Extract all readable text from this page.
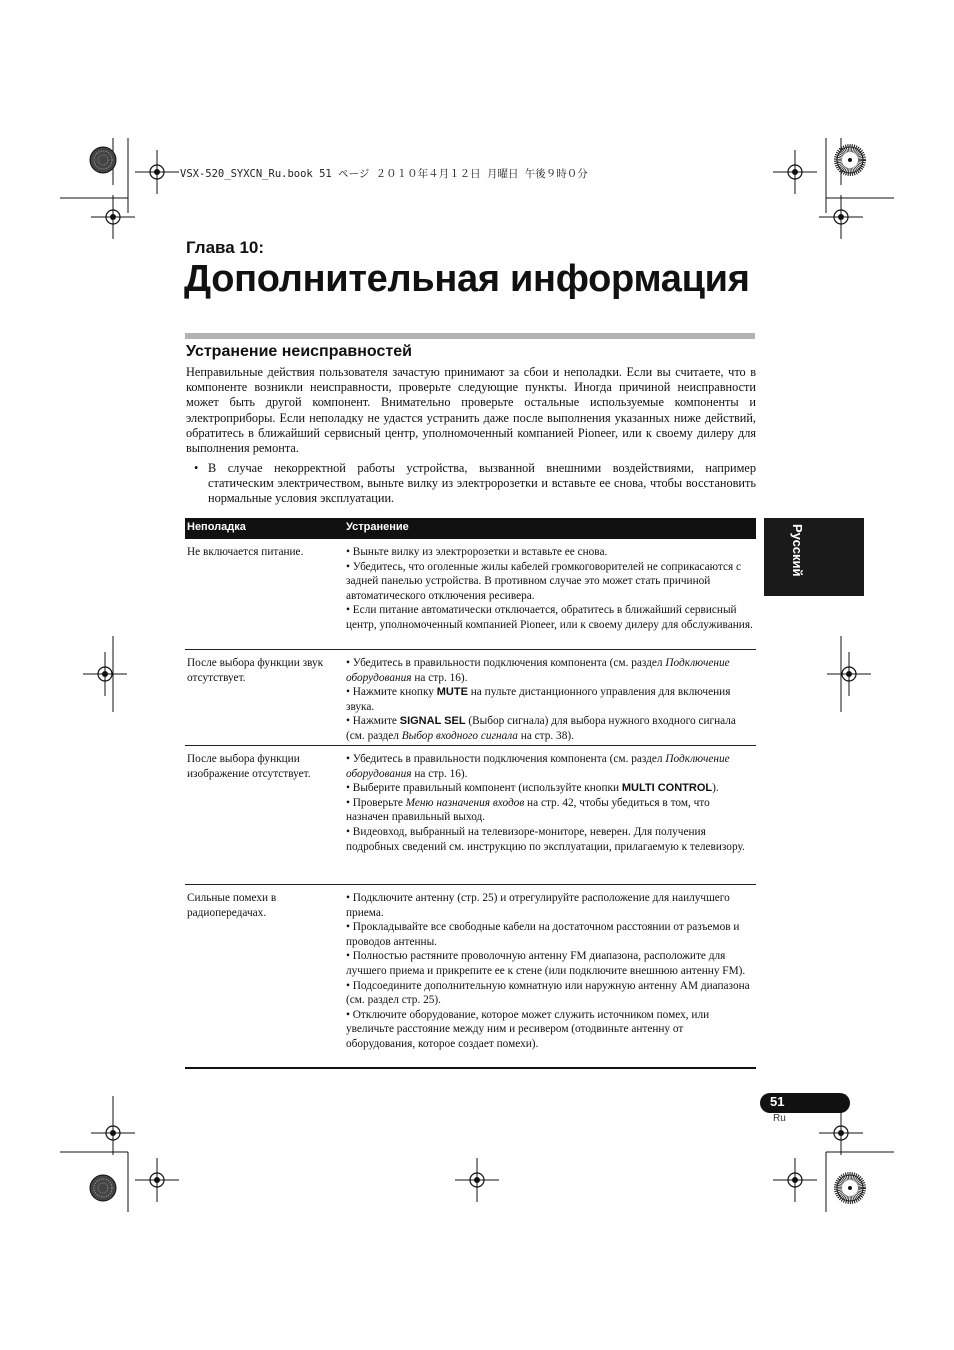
VSX-520_SYXCN_Ru.book 51 ページ ２０１０年４月１２日 月曜日 午後９時０分
Глава 10:
Дополнительная информация
Устранение неисправностей
Неправильные действия пользователя зачастую принимают за сбои и неполадки. Если вы считаете, что в компоненте возникли неисправности, проверьте следующие пункты. Иногда причиной неисправности может быть другой компонент. Внимательно проверьте остальные используемые компоненты и электроприборы. Если неполадку не удастся устранить даже после выполнения указанных ниже действий, обратитесь в ближайший сервисный центр, уполномоченный компанией Pioneer, или к своему дилеру для выполнения ремонта.
• В случае некорректной работы устройства, вызванной внешними воздействиями, например статическим электричеством, выньте вилку из электророзетки и вставьте ее снова, чтобы восстановить нормальные условия эксплуатации.
Русский
Неполадка	Устранение
Не включается питание.	• Выньте вилку из электророзетки и вставьте ее снова.
• Убедитесь, что оголенные жилы кабелей громкоговорителей не соприкасаются с задней панелью устройства. В противном случае это может стать причиной автоматического отключения ресивера.
• Если питание автоматически отключается, обратитесь в ближайший сервисный центр, уполномоченный компанией Pioneer, или к своему дилеру для обслуживания.
После выбора функции звук отсутствует.
• Убедитесь в правильности подключения компонента (см. раздел Подключение оборудования на стр. 16).
• Нажмите кнопку MUTE на пульте дистанционного управления для включения звука.
• Нажмите SIGNAL SEL (Выбор сигнала) для выбора нужного входного сигнала (см. раздел Выбор входного сигнала на стр. 38).
После выбора функции изображение отсутствует.
• Убедитесь в правильности подключения компонента (см. раздел Подключение оборудования на стр. 16).
• Выберите правильный компонент (используйте кнопки MULTI CONTROL).
• Проверьте Меню назначения входов на стр. 42, чтобы убедиться в том, что назначен правильный выход.
• Видеовход, выбранный на телевизоре-мониторе, неверен. Для получения подробных сведений см. инструкцию по эксплуатации, прилагаемую к телевизору.
Сильные помехи в радиопередачах.
• Подключите антенну (стр. 25) и отрегулируйте расположение для наилучшего приема.
• Прокладывайте все свободные кабели на достаточном расстоянии от разъемов и проводов антенны.
• Полностью растяните проволочную антенну FM диапазона, расположите для лучшего приема и прикрепите ее к стене (или подключите внешнюю антенну FM).
• Подсоедините дополнительную комнатную или наружную антенну AM диапазона (см. раздел стр. 25).
• Отключите оборудование, которое может служить источником помех, или увеличьте расстояние между ним и ресивером (отодвиньте антенну от оборудования, которое создает помехи).
51
Ru
